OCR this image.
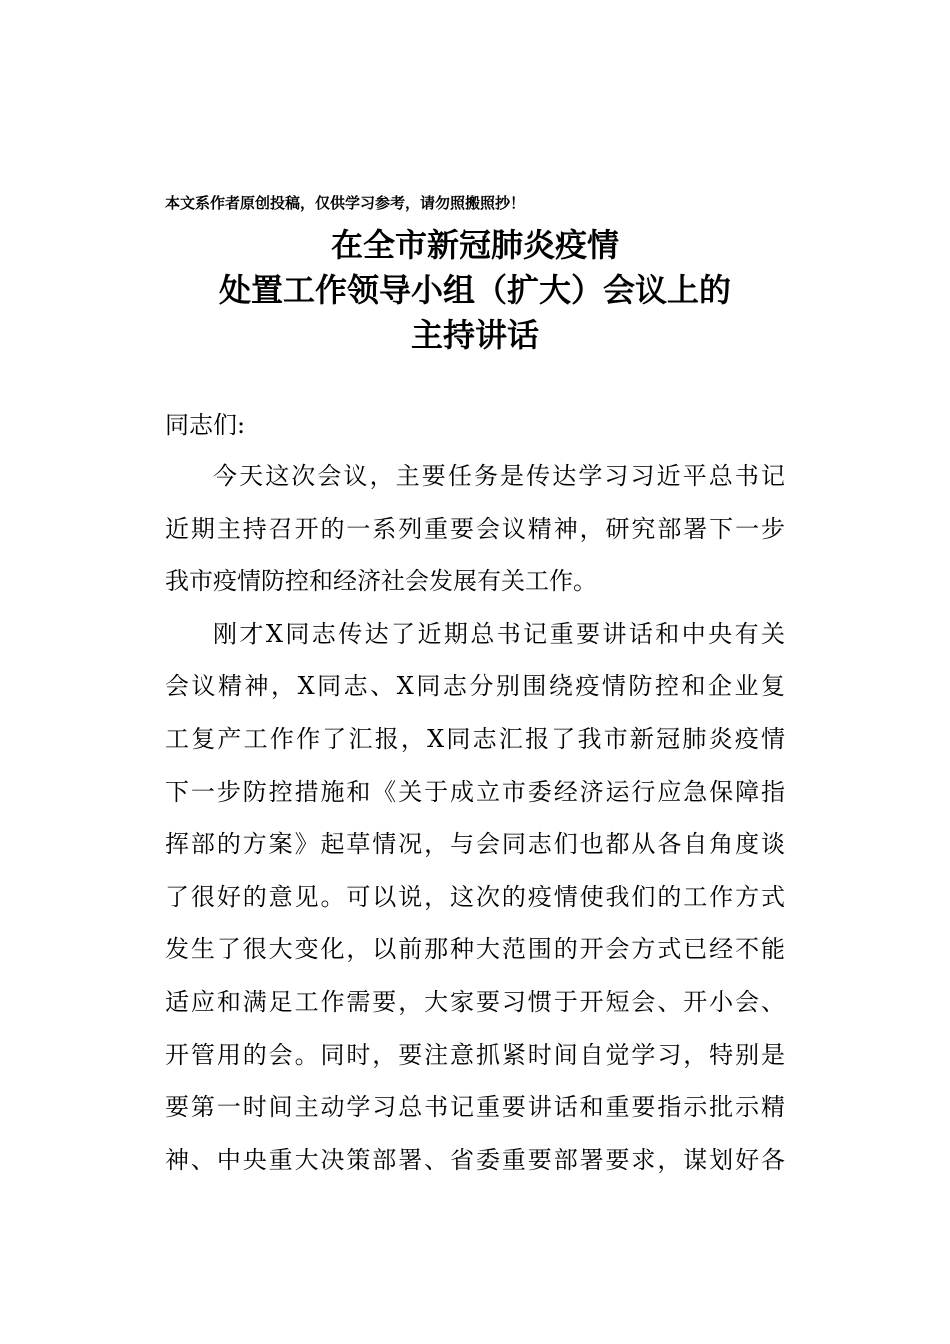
本文系作者原创投稿，仅供学习参考，请勿照搬照抄！
在全市新冠肺炎疫情
处置工作领导小组（扩大）会议上的
主持讲话
同志们:
今天这次会议，主要任务是传达学习习近平总书记
近期主持召开的一系列重要会议精神，研究部署下一步
我市疫情防控和经济社会发展有关工作。
刚才X同志传达了近期总书记重要讲话和中央有关
会议精神，X同志、X同志分别围绕疫情防控和企业复
工复产工作作了汇报，X同志汇报了我市新冠肺炎疫情
下一步防控措施和《关于成立市委经济运行应急保障指
挥部的方案》起草情况，与会同志们也都从各自角度谈
了很好的意见。可以说，这次的疫情使我们的工作方式
发生了很大变化，以前那种大范围的开会方式已经不能
适应和满足工作需要，大家要习惯于开短会、开小会、
开管用的会。同时，要注意抓紧时间自觉学习，特别是
要第一时间主动学习总书记重要讲话和重要指示批示精
神、中央重大决策部署、省委重要部署要求，谋划好各
